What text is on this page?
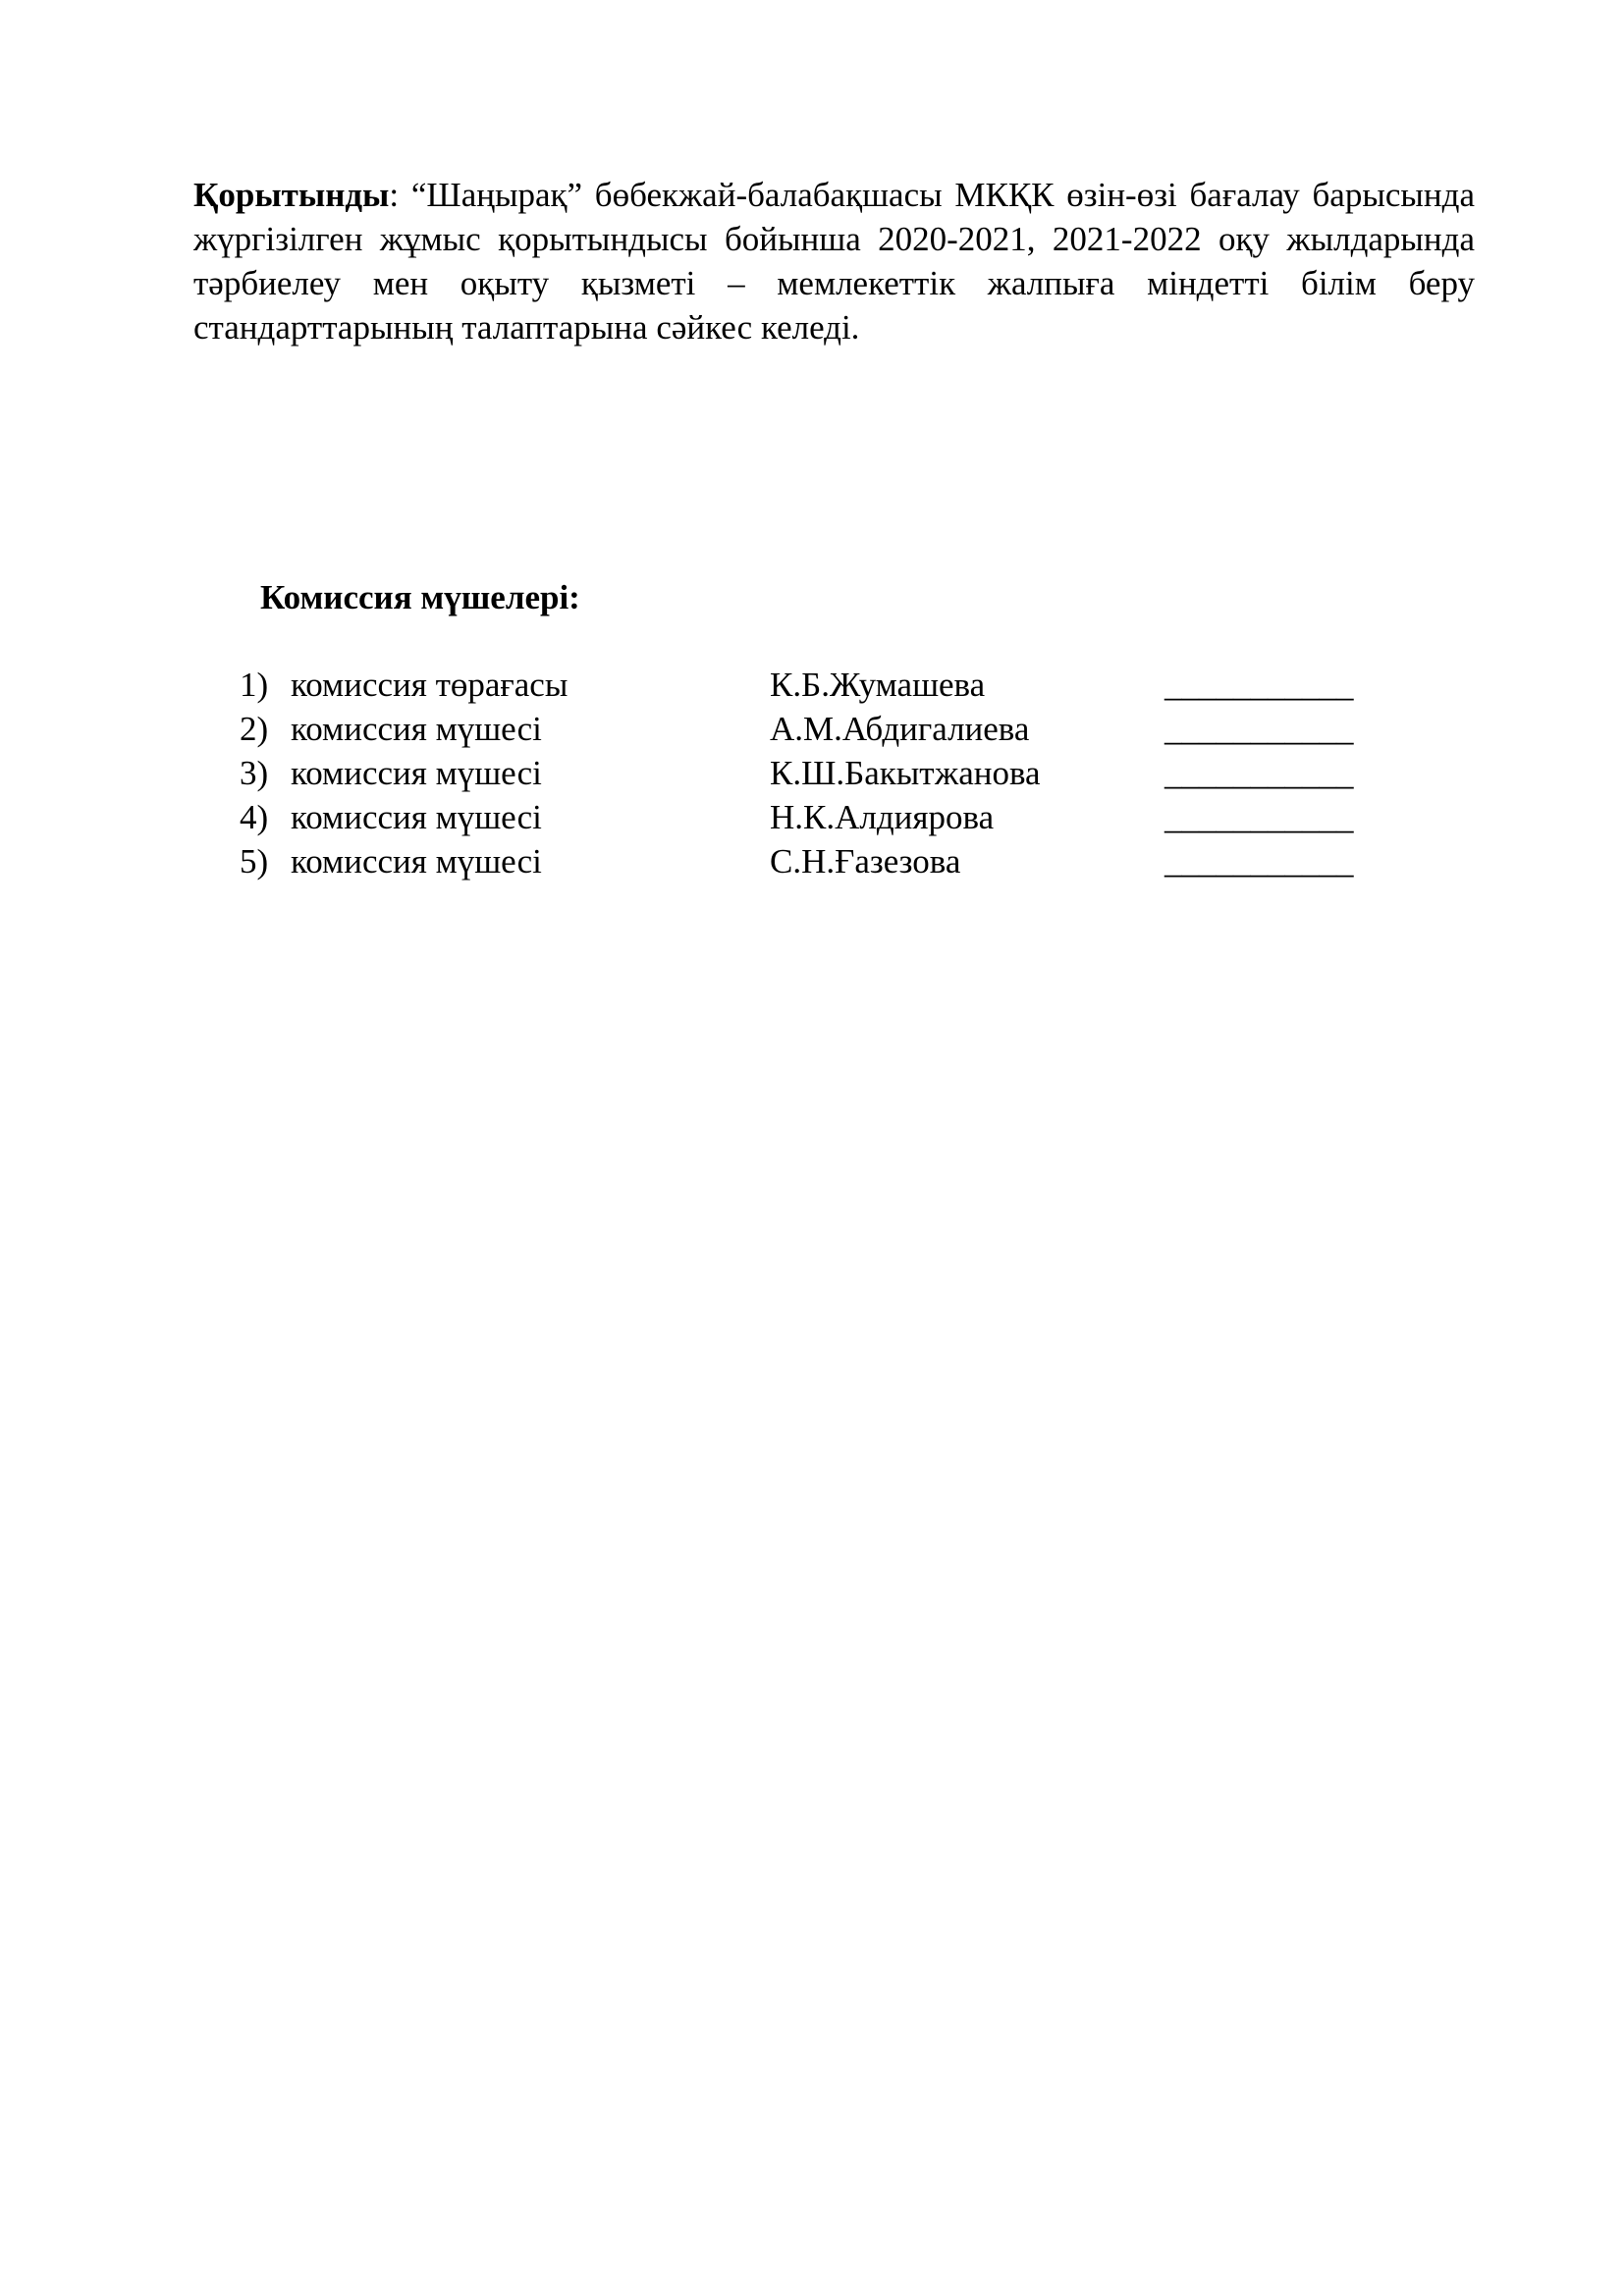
Қорытынды: “Шаңырақ” бөбекжай-балабақшасы МКҚК өзін-өзі бағалау барысында жүргізілген жұмыс қорытындысы бойынша 2020-2021, 2021-2022 оқу жылдарында тәрбиелеу мен оқыту қызметі – мемлекеттік жалпыға міндетті білім беру стандарттарының талаптарына сәйкес келеді.

Комиссия мүшелері:

1) комиссия төрағасы	К.Б.Жумашева	___________
2) комиссия мүшесі	А.М.Абдигалиева	___________
3) комиссия мүшесі	К.Ш.Бакытжанова	___________
4) комиссия мүшесі	Н.К.Алдиярова	___________
5) комиссия мүшесі	С.Н.Ғазезова	___________
